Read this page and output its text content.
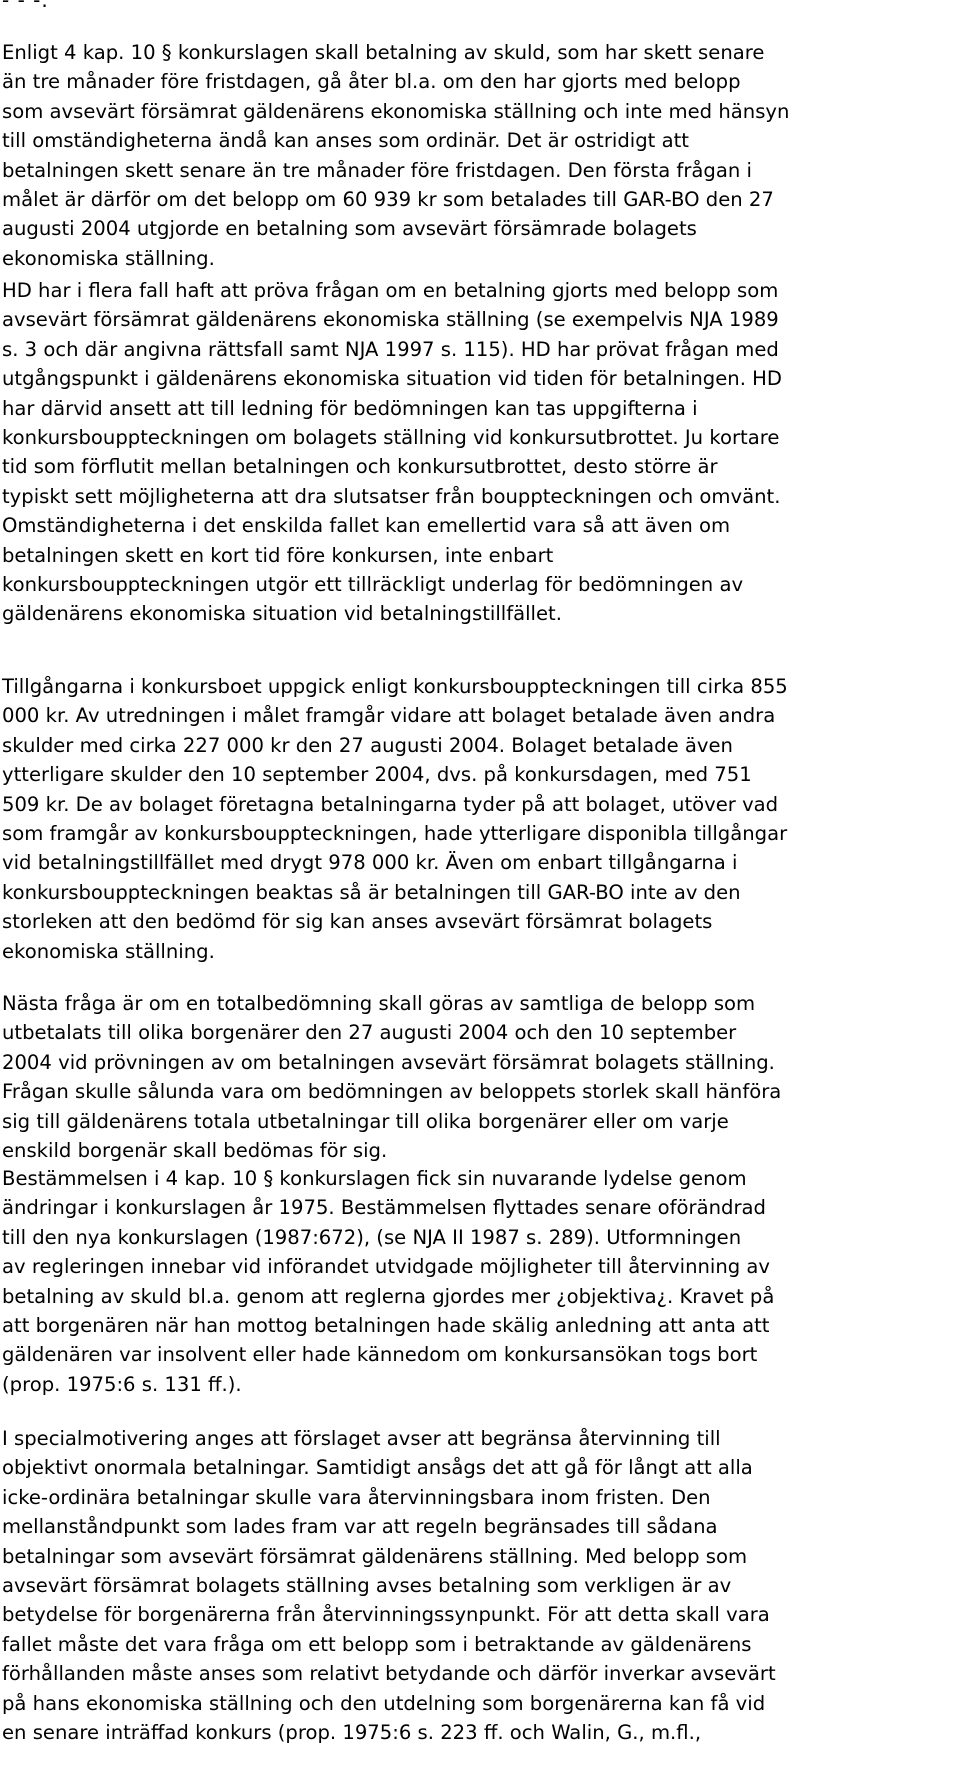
- - -.

Enligt 4 kap. 10 § konkurslagen skall betalning av skuld, som har skett senare
än tre månader före fristdagen, gå åter bl.a. om den har gjorts med belopp
som avsevärt försämrat gäldenärens ekonomiska ställning och inte med hänsyn
till omständigheterna ändå kan anses som ordinär. Det är ostridigt att
betalningen skett senare än tre månader före fristdagen. Den första frågan i
målet är därför om det belopp om 60 939 kr som betalades till GAR-BO den 27
augusti 2004 utgjorde en betalning som avsevärt försämrade bolagets
ekonomiska ställning.

HD har i flera fall haft att pröva frågan om en betalning gjorts med belopp som
avsevärt försämrat gäldenärens ekonomiska ställning (se exempelvis NJA 1989
s. 3 och där angivna rättsfall samt NJA 1997 s. 115). HD har prövat frågan med
utgångspunkt i gäldenärens ekonomiska situation vid tiden för betalningen. HD
har därvid ansett att till ledning för bedömningen kan tas uppgifterna i
konkursbouppteckningen om bolagets ställning vid konkursutbrottet. Ju kortare
tid som förflutit mellan betalningen och konkursutbrottet, desto större är
typiskt sett möjligheterna att dra slutsatser från bouppteckningen och omvänt.
Omständigheterna i det enskilda fallet kan emellertid vara så att även om
betalningen skett en kort tid före konkursen, inte enbart
konkursbouppteckningen utgör ett tillräckligt underlag för bedömningen av
gäldenärens ekonomiska situation vid betalningstillfället.

Tillgångarna i konkursboet uppgick enligt konkursbouppteckningen till cirka 855
000 kr. Av utredningen i målet framgår vidare att bolaget betalade även andra
skulder med cirka 227 000 kr den 27 augusti 2004. Bolaget betalade även
ytterligare skulder den 10 september 2004, dvs. på konkursdagen, med 751
509 kr. De av bolaget företagna betalningarna tyder på att bolaget, utöver vad
som framgår av konkursbouppteckningen, hade ytterligare disponibla tillgångar
vid betalningstillfället med drygt 978 000 kr. Även om enbart tillgångarna i
konkursbouppteckningen beaktas så är betalningen till GAR-BO inte av den
storleken att den bedömd för sig kan anses avsevärt försämrat bolagets
ekonomiska ställning.

Nästa fråga är om en totalbedömning skall göras av samtliga de belopp som
utbetalats till olika borgenärer den 27 augusti 2004 och den 10 september
2004 vid prövningen av om betalningen avsevärt försämrat bolagets ställning.
Frågan skulle sålunda vara om bedömningen av beloppets storlek skall hänföra
sig till gäldenärens totala utbetalningar till olika borgenärer eller om varje
enskild borgenär skall bedömas för sig.

Bestämmelsen i 4 kap. 10 § konkurslagen fick sin nuvarande lydelse genom
ändringar i konkurslagen år 1975. Bestämmelsen flyttades senare oförändrad
till den nya konkurslagen (1987:672), (se NJA II 1987 s. 289). Utformningen
av regleringen innebar vid införandet utvidgade möjligheter till återvinning av
betalning av skuld bl.a. genom att reglerna gjordes mer ¿objektiva¿. Kravet på
att borgenären när han mottog betalningen hade skälig anledning att anta att
gäldenären var insolvent eller hade kännedom om konkursansökan togs bort
(prop. 1975:6 s. 131 ff.).

I specialmotivering anges att förslaget avser att begränsa återvinning till
objektivt onormala betalningar. Samtidigt ansågs det att gå för långt att alla
icke-ordinära betalningar skulle vara återvinningsbara inom fristen. Den
mellanståndpunkt som lades fram var att regeln begränsades till sådana
betalningar som avsevärt försämrat gäldenärens ställning. Med belopp som
avsevärt försämrat bolagets ställning avses betalning som verkligen är av
betydelse för borgenärerna från återvinningssynpunkt. För att detta skall vara
fallet måste det vara fråga om ett belopp som i betraktande av gäldenärens
förhållanden måste anses som relativt betydande och därför inverkar avsevärt
på hans ekonomiska ställning och den utdelning som borgenärerna kan få vid
en senare inträffad konkurs (prop. 1975:6 s. 223 ff. och Walin, G., m.fl.,
